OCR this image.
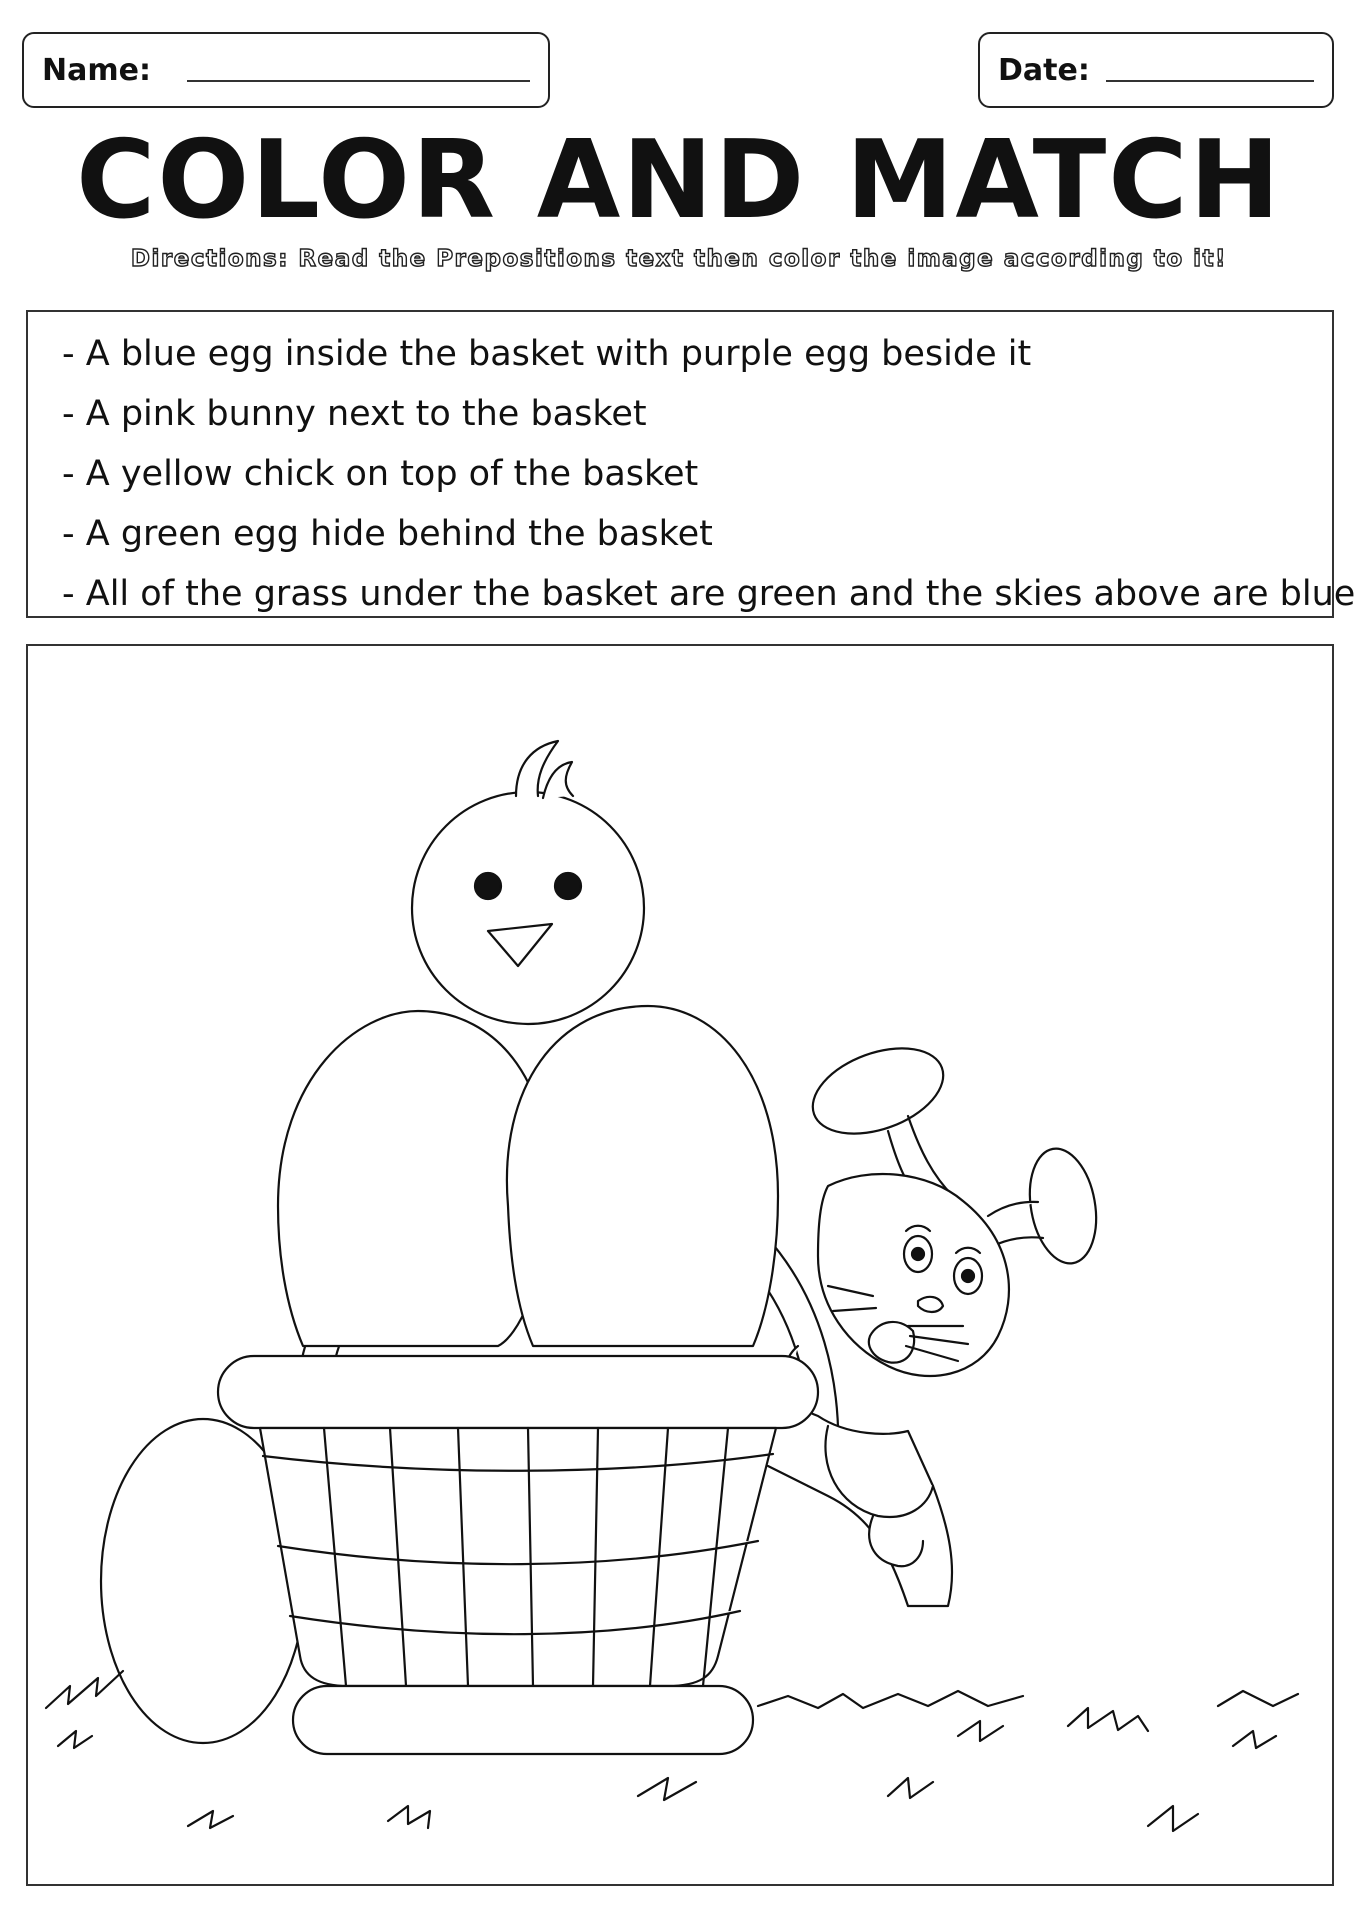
Name:	Date:
COLOR AND MATCH
Directions: Read the Prepositions text then color the image according to it!
- A blue egg inside the basket with purple egg beside it
- A pink bunny next to the basket
- A yellow chick on top of the basket
- A green egg hide behind the basket
- All of the grass under the basket are green and the skies above are blue
